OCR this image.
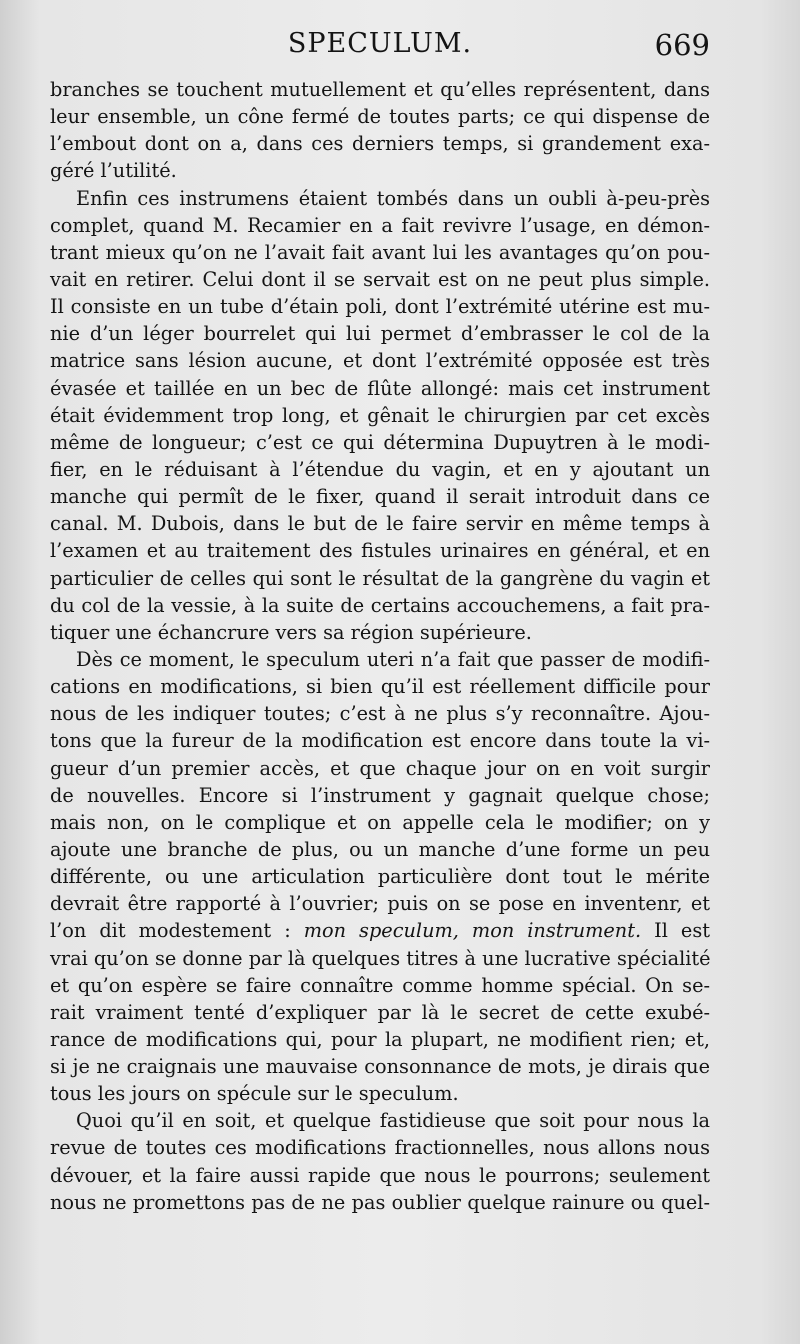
SPECULUM.	669
branches se touchent mutuellement et qu’elles représentent, dans
leur ensemble, un cône fermé de toutes parts; ce qui dispense de
l’embout dont on a, dans ces derniers temps, si grandement exa-
géré l’utilité.
Enfin ces instrumens étaient tombés dans un oubli à-peu-près
complet, quand M. Recamier en a fait revivre l’usage, en démon-
trant mieux qu’on ne l’avait fait avant lui les avantages qu’on pou-
vait en retirer. Celui dont il se servait est on ne peut plus simple.
Il consiste en un tube d’étain poli, dont l’extrémité utérine est mu-
nie d’un léger bourrelet qui lui permet d’embrasser le col de la
matrice sans lésion aucune, et dont l’extrémité opposée est très
évasée et taillée en un bec de flûte allongé: mais cet instrument
était évidemment trop long, et gênait le chirurgien par cet excès
même de longueur; c’est ce qui détermina Dupuytren à le modi-
fier, en le réduisant à l’étendue du vagin, et en y ajoutant un
manche qui permît de le fixer, quand il serait introduit dans ce
canal. M. Dubois, dans le but de le faire servir en même temps à
l’examen et au traitement des fistules urinaires en général, et en
particulier de celles qui sont le résultat de la gangrène du vagin et
du col de la vessie, à la suite de certains accouchemens, a fait pra-
tiquer une échancrure vers sa région supérieure.
Dès ce moment, le speculum uteri n’a fait que passer de modifi-
cations en modifications, si bien qu’il est réellement difficile pour
nous de les indiquer toutes; c’est à ne plus s’y reconnaître. Ajou-
tons que la fureur de la modification est encore dans toute la vi-
gueur d’un premier accès, et que chaque jour on en voit surgir
de nouvelles. Encore si l’instrument y gagnait quelque chose;
mais non, on le complique et on appelle cela le modifier; on y
ajoute une branche de plus, ou un manche d’une forme un peu
différente, ou une articulation particulière dont tout le mérite
devrait être rapporté à l’ouvrier; puis on se pose en inventenr, et
l’on dit modestement : mon speculum, mon instrument. Il est
vrai qu’on se donne par là quelques titres à une lucrative spécialité
et qu’on espère se faire connaître comme homme spécial. On se-
rait vraiment tenté d’expliquer par là le secret de cette exubé-
rance de modifications qui, pour la plupart, ne modifient rien; et,
si je ne craignais une mauvaise consonnance de mots, je dirais que
tous les jours on spécule sur le speculum.
Quoi qu’il en soit, et quelque fastidieuse que soit pour nous la
revue de toutes ces modifications fractionnelles, nous allons nous
dévouer, et la faire aussi rapide que nous le pourrons; seulement
nous ne promettons pas de ne pas oublier quelque rainure ou quel-
